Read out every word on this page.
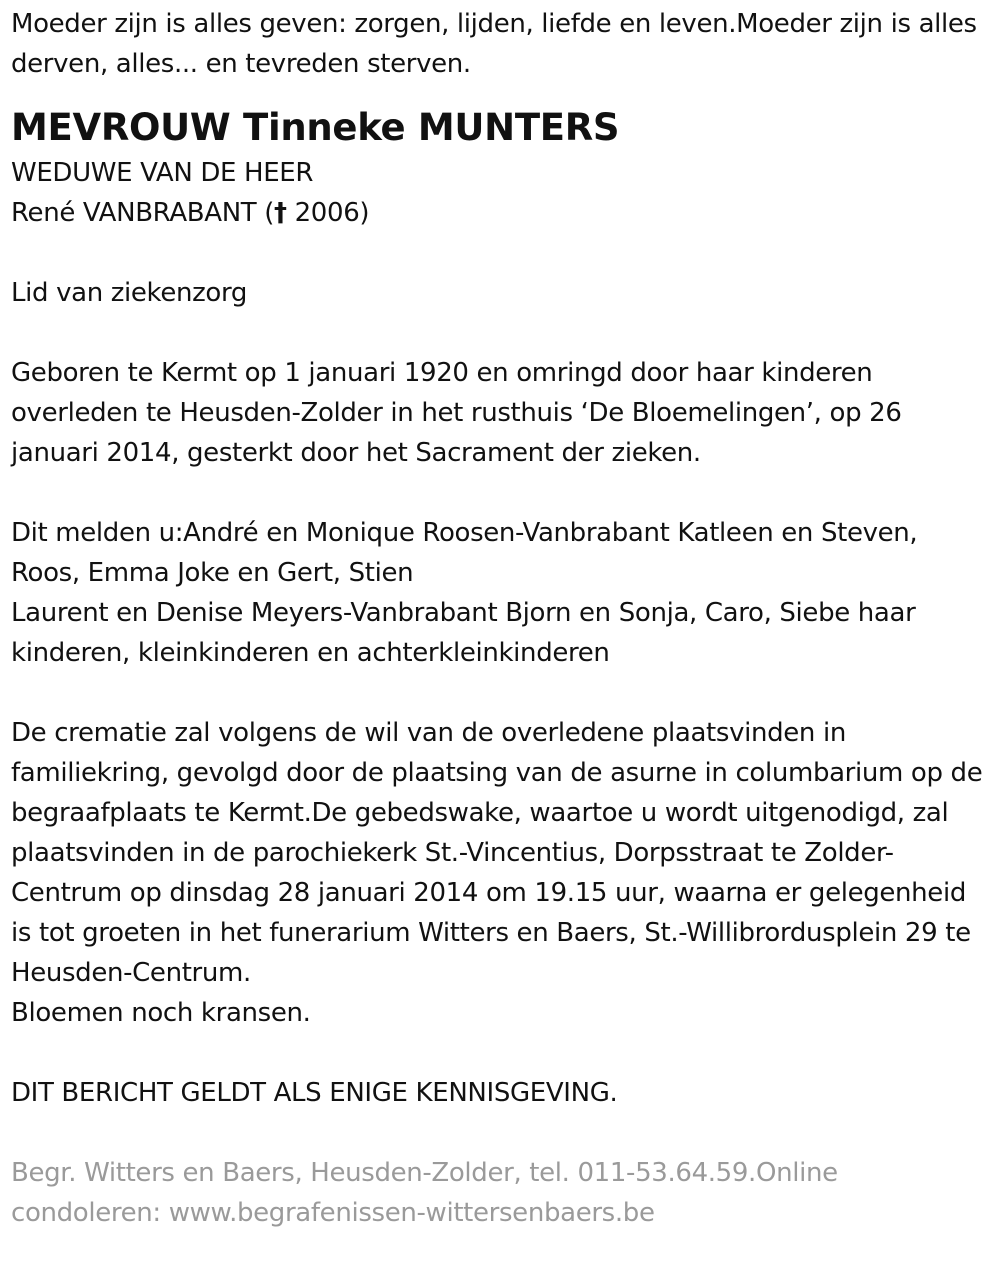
Moeder zijn is alles geven: zorgen, lijden, liefde en leven.Moeder zijn is alles derven, alles... en tevreden sterven.

MEVROUW Tinneke MUNTERS

WEDUWE VAN DE HEER

René VANBRABANT († 2006)

Lid van ziekenzorg

Geboren te Kermt op 1 januari 1920 en omringd door haar kinderen overleden te Heusden-Zolder in het rusthuis ‘De Bloemelingen’, op 26 januari 2014, gesterkt door het Sacrament der zieken.

Dit melden u:André en Monique Roosen-Vanbrabant Katleen en Steven, Roos, Emma Joke en Gert, Stien

Laurent en Denise Meyers-Vanbrabant Bjorn en Sonja, Caro, Siebe haar kinderen, kleinkinderen en achterkleinkinderen

De crematie zal volgens de wil van de overledene plaatsvinden in familiekring, gevolgd door de plaatsing van de asurne in columbarium op de begraafplaats te Kermt.De gebedswake, waartoe u wordt uitgenodigd, zal plaatsvinden in de parochiekerk St.-Vincentius, Dorpsstraat te Zolder-Centrum op dinsdag 28 januari 2014 om 19.15 uur, waarna er gelegenheid is tot groeten in het funerarium Witters en Baers, St.-Willibrordusplein 29 te Heusden-Centrum.

Bloemen noch kransen.

DIT BERICHT GELDT ALS ENIGE KENNISGEVING.

Begr. Witters en Baers, Heusden-Zolder, tel. 011-53.64.59.Online condoleren: www.begrafenissen-wittersenbaers.be
